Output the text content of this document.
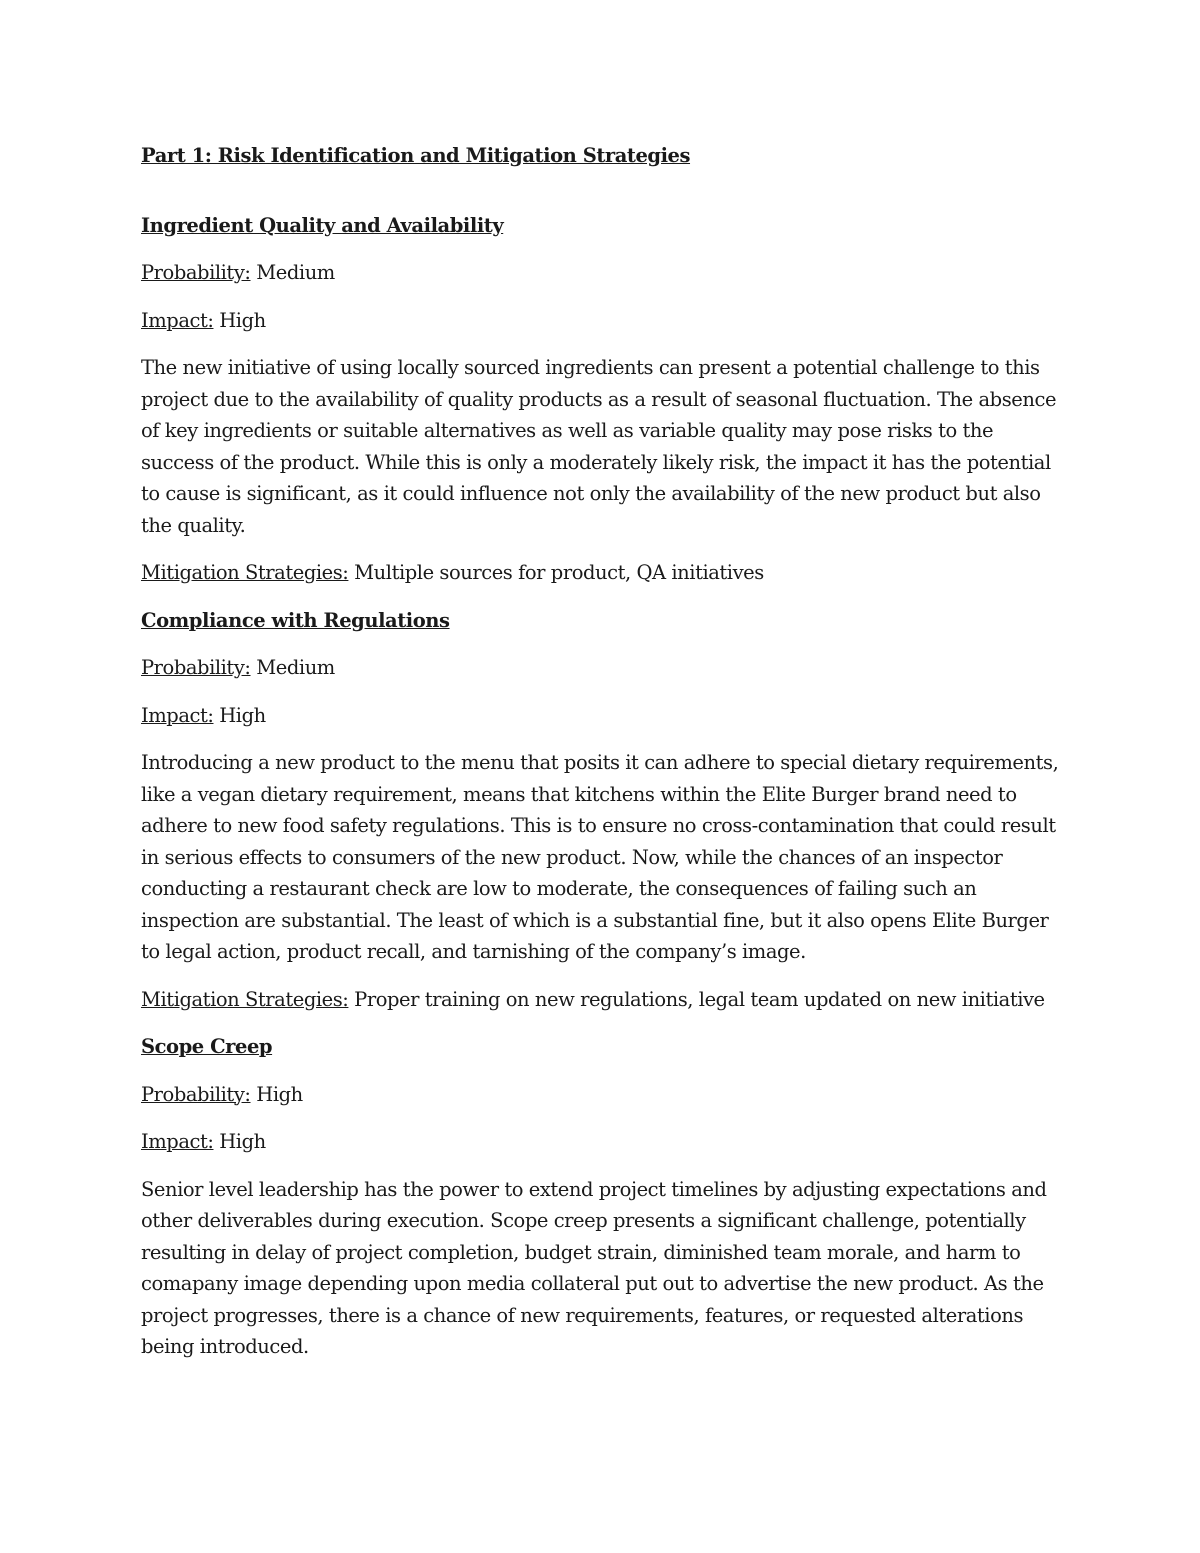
Part 1: Risk Identification and Mitigation Strategies

Ingredient Quality and Availability

Probability: Medium

Impact: High

The new initiative of using locally sourced ingredients can present a potential challenge to this project due to the availability of quality products as a result of seasonal fluctuation. The absence of key ingredients or suitable alternatives as well as variable quality may pose risks to the success of the product. While this is only a moderately likely risk, the impact it has the potential to cause is significant, as it could influence not only the availability of the new product but also the quality.

Mitigation Strategies: Multiple sources for product, QA initiatives

Compliance with Regulations

Probability: Medium

Impact: High

Introducing a new product to the menu that posits it can adhere to special dietary requirements, like a vegan dietary requirement, means that kitchens within the Elite Burger brand need to adhere to new food safety regulations. This is to ensure no cross-contamination that could result in serious effects to consumers of the new product. Now, while the chances of an inspector conducting a restaurant check are low to moderate, the consequences of failing such an inspection are substantial. The least of which is a substantial fine, but it also opens Elite Burger to legal action, product recall, and tarnishing of the company’s image.

Mitigation Strategies: Proper training on new regulations, legal team updated on new initiative

Scope Creep

Probability: High

Impact: High

Senior level leadership has the power to extend project timelines by adjusting expectations and other deliverables during execution. Scope creep presents a significant challenge, potentially resulting in delay of project completion, budget strain, diminished team morale, and harm to comapany image depending upon media collateral put out to advertise the new product. As the project progresses, there is a chance of new requirements, features, or requested alterations being introduced.
